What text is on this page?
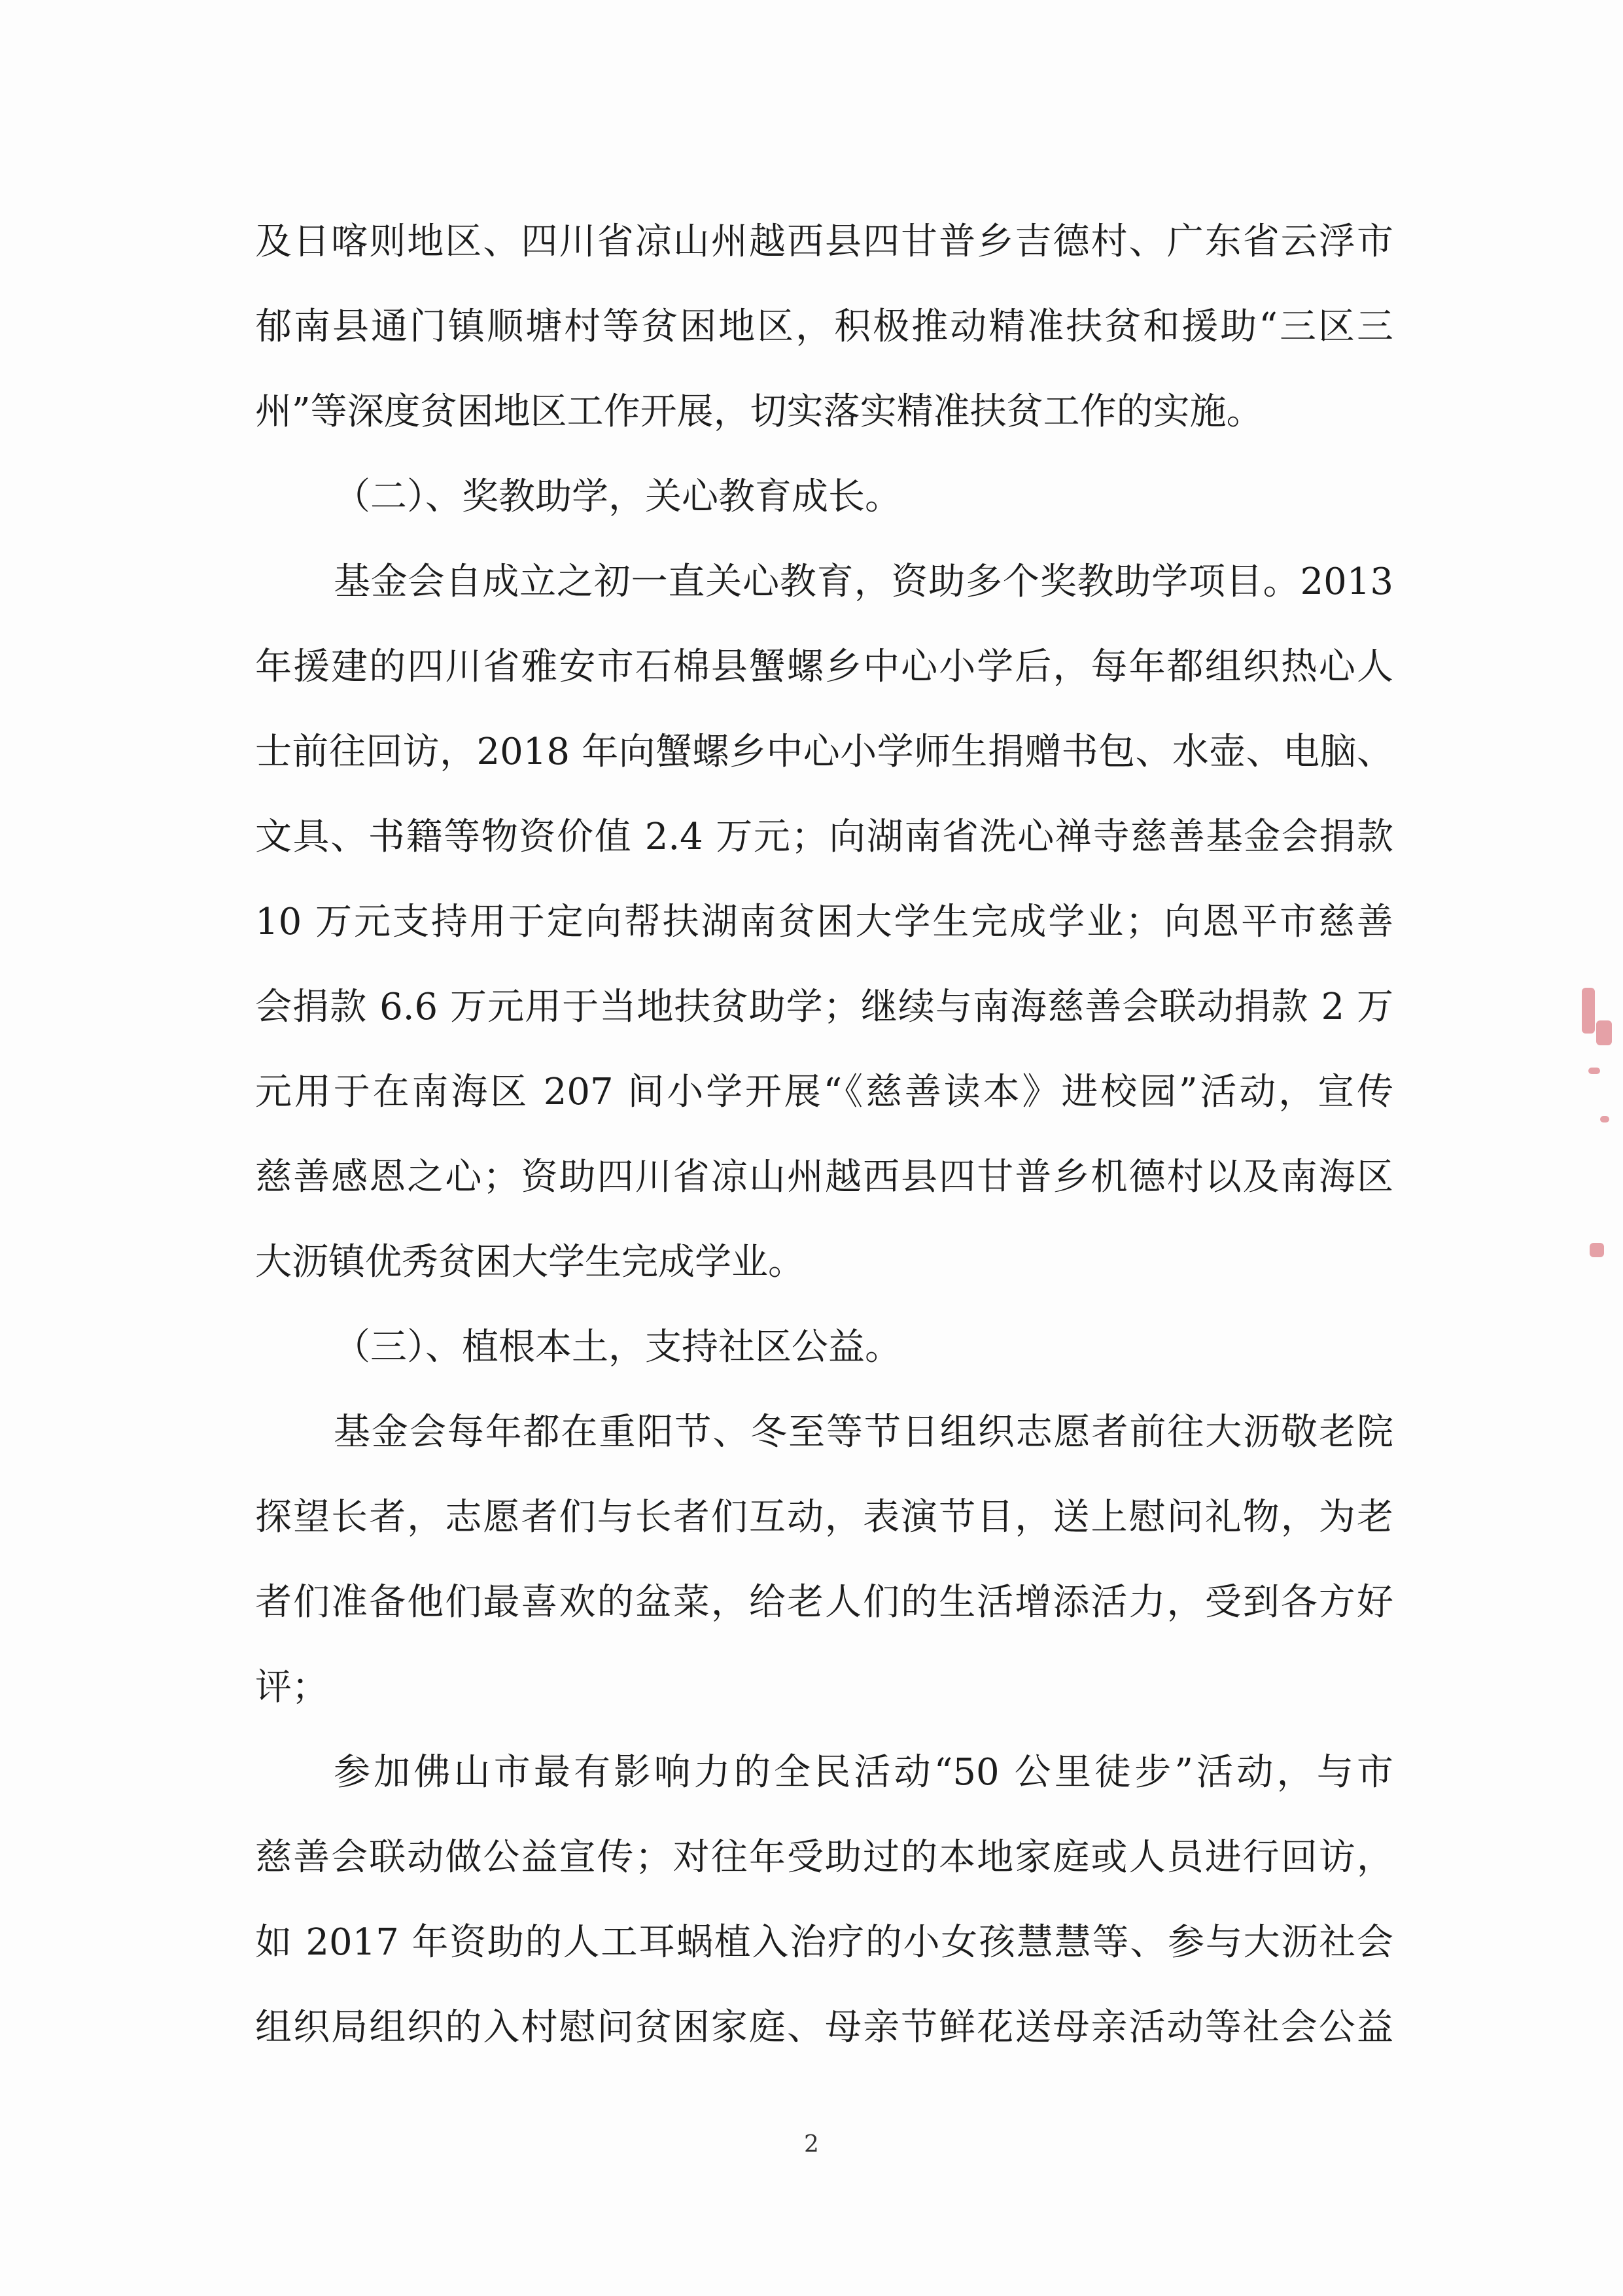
及日喀则地区、四川省凉山州越西县四甘普乡吉德村、广东省云浮市
郁南县通门镇顺塘村等贫困地区，积极推动精准扶贫和援助“三区三
州”等深度贫困地区工作开展，切实落实精准扶贫工作的实施。
（二）、奖教助学，关心教育成长。
基金会自成立之初一直关心教育，资助多个奖教助学项目。2013
年援建的四川省雅安市石棉县蟹螺乡中心小学后，每年都组织热心人
士前往回访，2018 年向蟹螺乡中心小学师生捐赠书包、水壶、电脑、
文具、书籍等物资价值 2.4 万元；向湖南省洗心禅寺慈善基金会捐款
10 万元支持用于定向帮扶湖南贫困大学生完成学业；向恩平市慈善
会捐款 6.6 万元用于当地扶贫助学；继续与南海慈善会联动捐款 2 万
元用于在南海区 207 间小学开展“《慈善读本》进校园”活动，宣传
慈善感恩之心；资助四川省凉山州越西县四甘普乡机德村以及南海区
大沥镇优秀贫困大学生完成学业。
（三）、植根本土，支持社区公益。
基金会每年都在重阳节、冬至等节日组织志愿者前往大沥敬老院
探望长者，志愿者们与长者们互动，表演节目，送上慰问礼物，为老
者们准备他们最喜欢的盆菜，给老人们的生活增添活力，受到各方好
评；
参加佛山市最有影响力的全民活动“50 公里徒步”活动，与市
慈善会联动做公益宣传；对往年受助过的本地家庭或人员进行回访，
如 2017 年资助的人工耳蜗植入治疗的小女孩慧慧等、参与大沥社会
组织局组织的入村慰问贫困家庭、母亲节鲜花送母亲活动等社会公益
2
